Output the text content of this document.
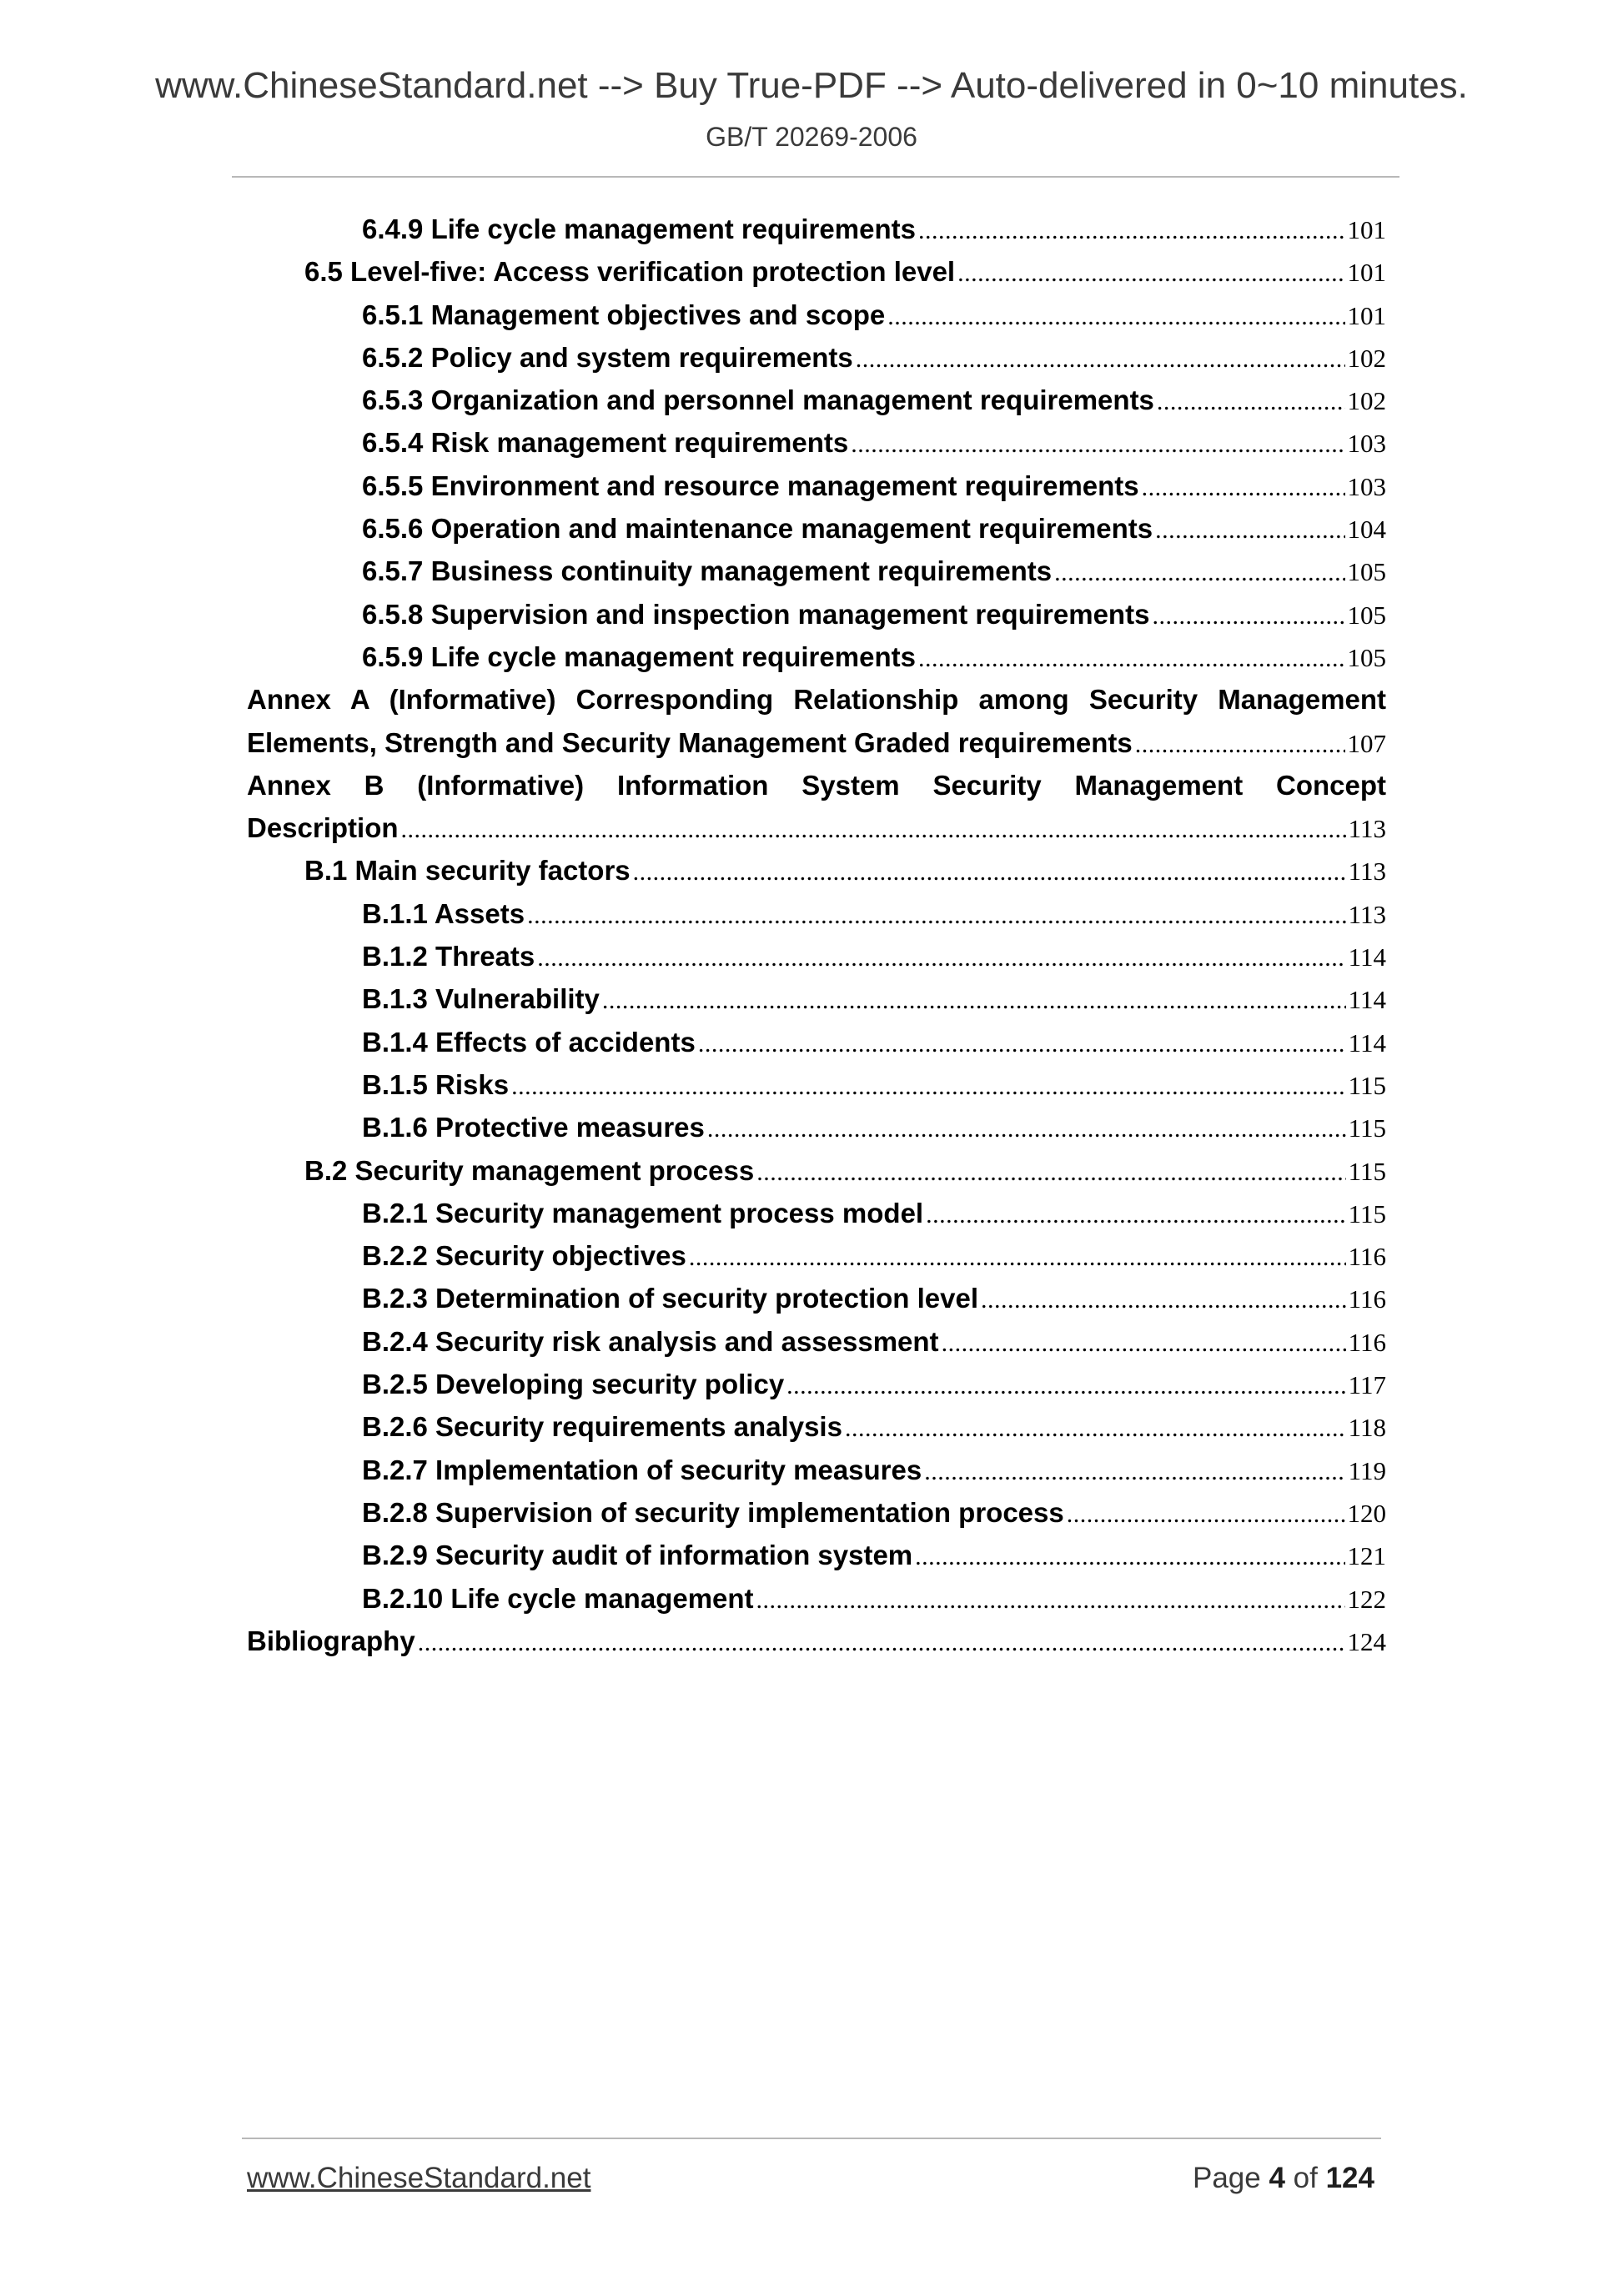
www.ChineseStandard.net --> Buy True-PDF --> Auto-delivered in 0~10 minutes.
GB/T 20269-2006
6.4.9 Life cycle management requirements .....	101
6.5 Level-five: Access verification protection level .....	101
6.5.1 Management objectives and scope .....	101
6.5.2 Policy and system requirements .....	102
6.5.3 Organization and personnel management requirements .....	102
6.5.4 Risk management requirements .....	103
6.5.5 Environment and resource management requirements .....	103
6.5.6 Operation and maintenance management requirements .....	104
6.5.7 Business continuity management requirements .....	105
6.5.8 Supervision and inspection management requirements .....	105
6.5.9 Life cycle management requirements .....	105
Annex A (Informative) Corresponding Relationship among Security Management
Elements, Strength and Security Management Graded requirements .....	107
Annex B (Informative) Information System Security Management Concept
Description .....	113
B.1 Main security factors .....	113
B.1.1 Assets .....	113
B.1.2 Threats .....	114
B.1.3 Vulnerability .....	114
B.1.4 Effects of accidents .....	114
B.1.5 Risks .....	115
B.1.6 Protective measures .....	115
B.2 Security management process .....	115
B.2.1 Security management process model .....	115
B.2.2 Security objectives .....	116
B.2.3 Determination of security protection level .....	116
B.2.4 Security risk analysis and assessment .....	116
B.2.5 Developing security policy .....	117
B.2.6 Security requirements analysis .....	118
B.2.7 Implementation of security measures .....	119
B.2.8 Supervision of security implementation process .....	120
B.2.9 Security audit of information system .....	121
B.2.10 Life cycle management .....	122
Bibliography .....	124
www.ChineseStandard.net	Page 4 of 124
